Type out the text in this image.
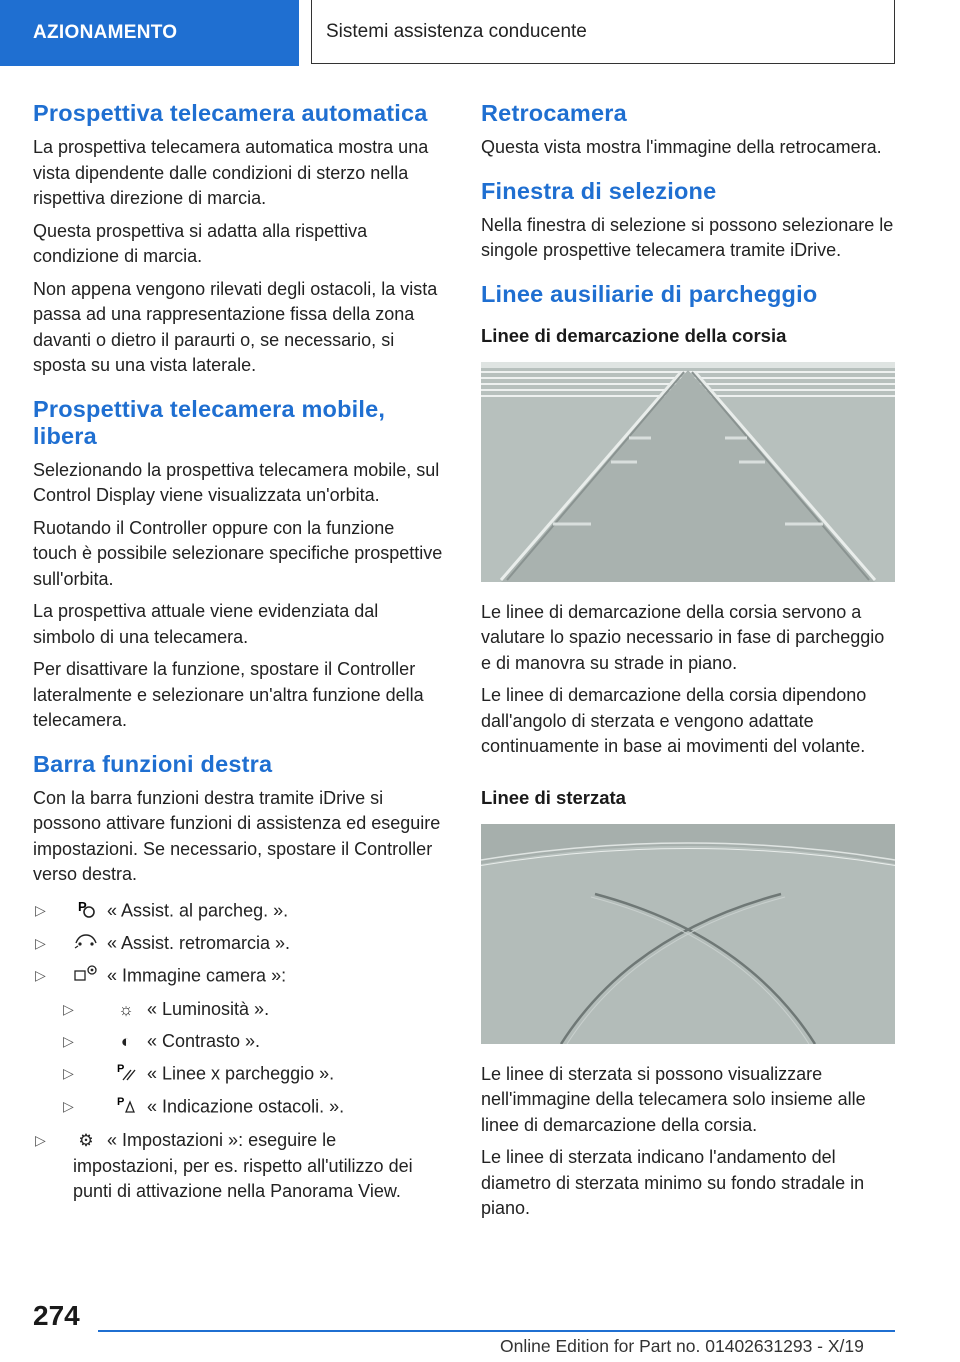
AZIONAMENTO	Sistemi assistenza conducente
Prospettiva telecamera automatica

La prospettiva telecamera automatica mostra una vista dipendente dalle condizioni di sterzo nella rispettiva direzione di marcia.

Questa prospettiva si adatta alla rispettiva condizione di marcia.

Non appena vengono rilevati degli ostacoli, la vista passa ad una rappresentazione fissa della zona davanti o dietro il paraurti o, se necessario, si sposta su una vista laterale.

Prospettiva telecamera mobile, libera

Selezionando la prospettiva telecamera mobile, sul Control Display viene visualizzata un'orbita.

Ruotando il Controller oppure con la funzione touch è possibile selezionare specifiche prospettive sull'orbita.

La prospettiva attuale viene evidenziata dal simbolo di una telecamera.

Per disattivare la funzione, spostare il Controller lateralmente e selezionare un'altra funzione della telecamera.

Barra funzioni destra

Con la barra funzioni destra tramite iDrive si possono attivare funzioni di assistenza ed eseguire impostazioni. Se necessario, spostare il Controller verso destra.

▷ P « Assist. al parcheg. ».
▷	« Assist. retromarcia ».
▷	« Immagine camera »:
▷	☼ « Luminosità ».
▷	◐ « Contrasto ».
▷	P « Linee x parcheggio ».
▷	P « Indicazione ostacoli. ».
▷ ⚙ « Impostazioni »: eseguire le impostazioni, per es. rispetto all'utilizzo dei punti di attivazione nella Panorama View.
Retrocamera

Questa vista mostra l'immagine della retrocamera.

Finestra di selezione

Nella finestra di selezione si possono selezionare le singole prospettive telecamera tramite iDrive.

Linee ausiliarie di parcheggio
Linee di demarcazione della corsia

Le linee di demarcazione della corsia servono a valutare lo spazio necessario in fase di parcheggio e di manovra su strade in piano.

Le linee di demarcazione della corsia dipendono dall'angolo di sterzata e vengono adattate continuamente in base ai movimenti del volante.

Linee di sterzata

Le linee di sterzata si possono visualizzare nell'immagine della telecamera solo insieme alle linee di demarcazione della corsia.

Le linee di sterzata indicano l'andamento del diametro di sterzata minimo su fondo stradale in piano.

274
Online Edition for Part no. 01402631293 - X/19
